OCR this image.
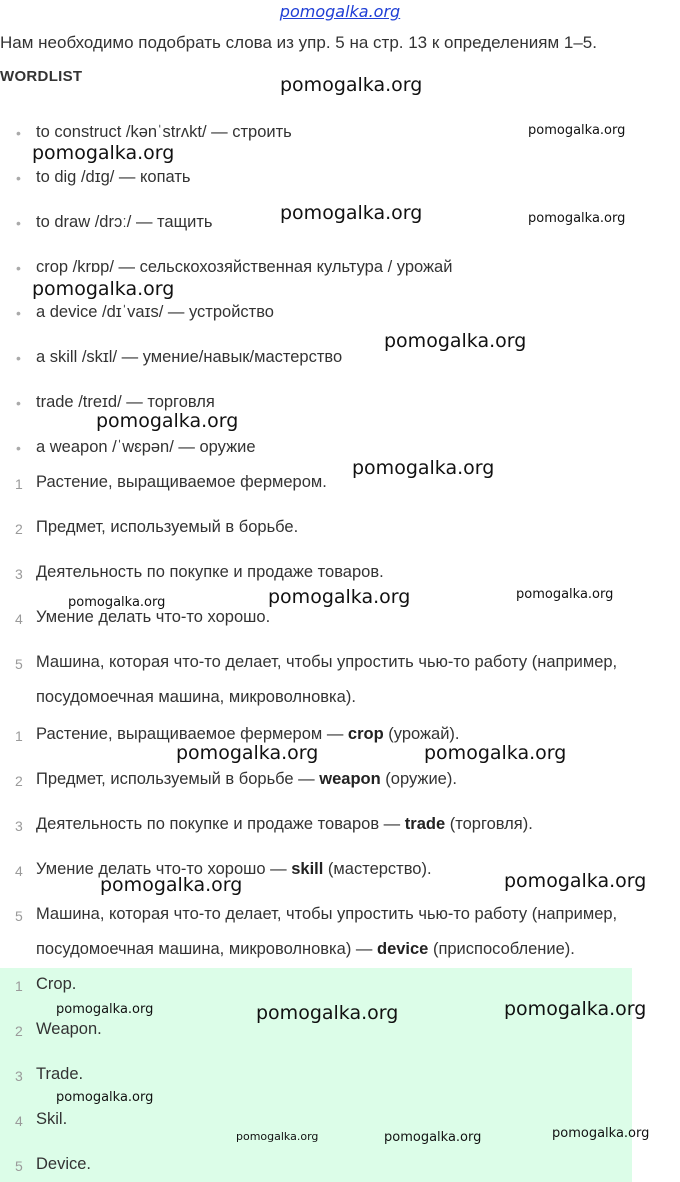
pomogalka.org
Нам необходимо подобрать слова из упр. 5 на стр. 13 к определениям 1–5.
WORDLIST
• to construct /kənˈstrʌkt/ — строить
• to dig /dɪɡ/ — копать
• to draw /drɔː/ — тащить
• crop /krɒp/ — сельскохозяйственная культура / урожай
• a device /dɪˈvaɪs/ — устройство
• a skill /skɪl/ — умение/навык/мастерство
• trade /treɪd/ — торговля
• a weapon /ˈwɛpən/ — оружие
1 Растение, выращиваемое фермером.
2 Предмет, используемый в борьбе.
3 Деятельность по покупке и продаже товаров.
4 Умение делать что-то хорошо.
5 Машина, которая что-то делает, чтобы упростить чью-то работу (например,
посудомоечная машина, микроволновка).
1 Растение, выращиваемое фермером — crop (урожай).
2 Предмет, используемый в борьбе — weapon (оружие).
3 Деятельность по покупке и продаже товаров — trade (торговля).
4 Умение делать что-то хорошо — skill (мастерство).
5 Машина, которая что-то делает, чтобы упростить чью-то работу (например,
посудомоечная машина, микроволновка) — device (приспособление).
1 Crop.
2 Weapon.
3 Trade.
4 Skil.
5 Device.
pomogalka.org
pomogalka.org
pomogalka.org
pomogalka.org	pomogalka.org
pomogalka.org
pomogalka.org
pomogalka.org
pomogalka.org
pomogalka.org	pomogalka.org	pomogalka.org
pomogalka.org	pomogalka.org
pomogalka.org	pomogalka.org
pomogalka.org	pomogalka.org	pomogalka.org
pomogalka.org
pomogalka.org	pomogalka.org	pomogalka.org
